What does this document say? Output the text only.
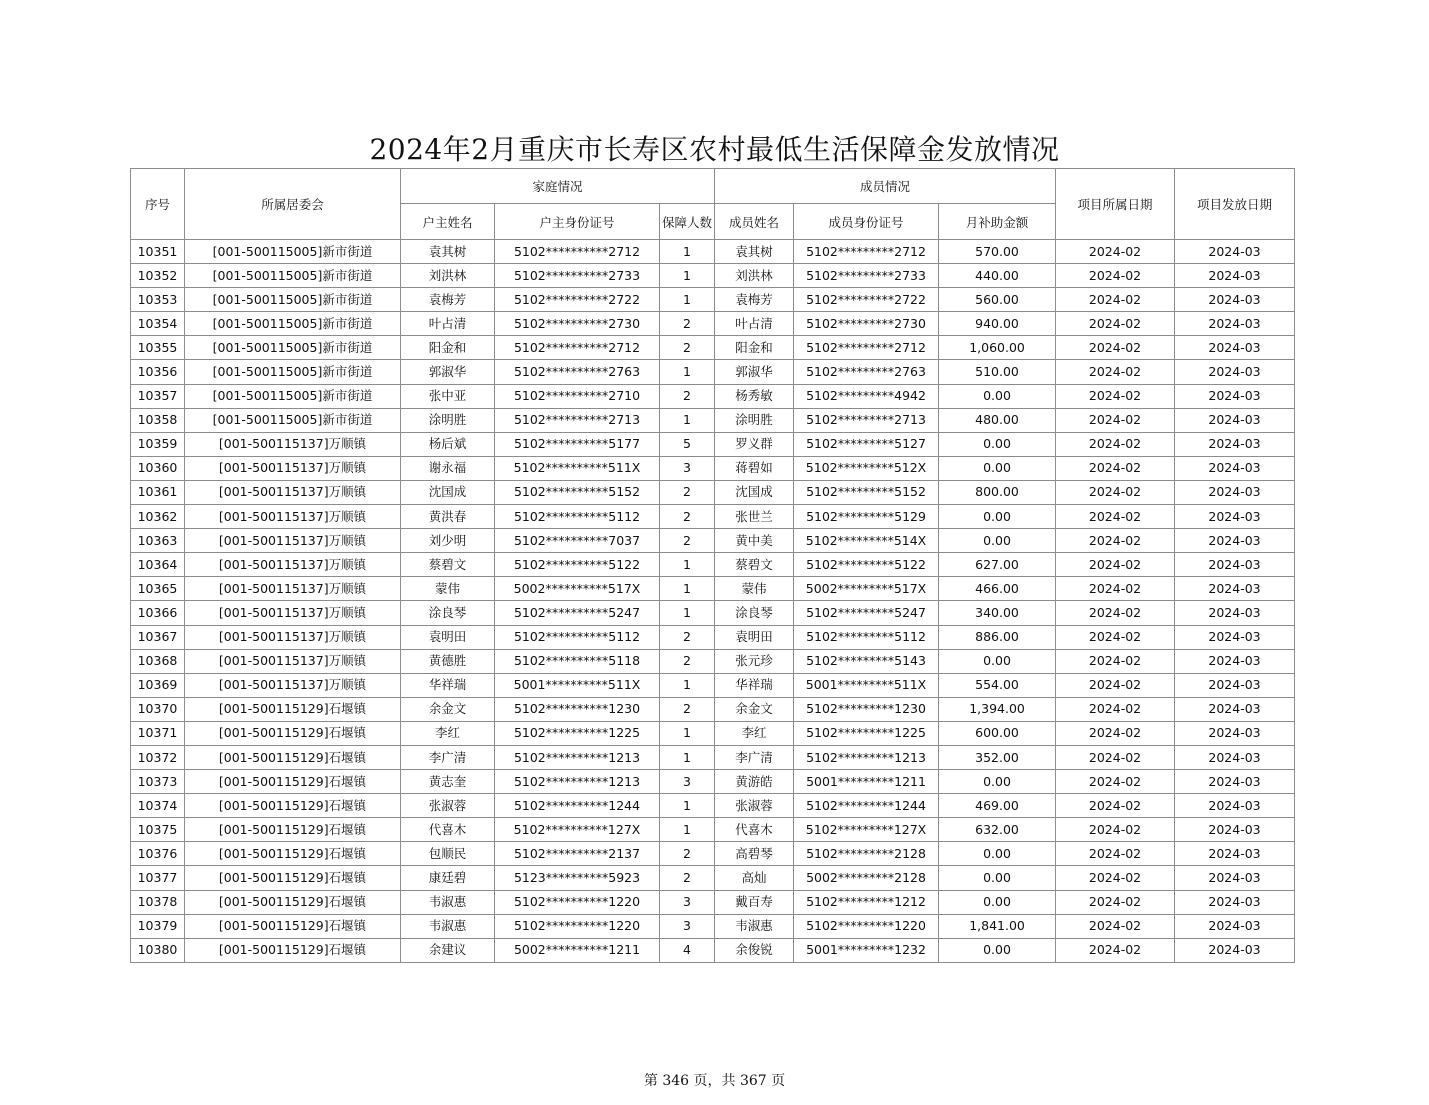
2024年2月重庆市长寿区农村最低生活保障金发放情况
序号	所属居委会	家庭情况			成员情况			项目所属日期	项目发放日期
		户主姓名	户主身份证号	保障人数	成员姓名	成员身份证号	月补助金额		
10351	[001-500115005]新市街道	袁其树	5102**********2712	1	袁其树	5102*********2712	570.00	2024-02	2024-03
10352	[001-500115005]新市街道	刘洪林	5102**********2733	1	刘洪林	5102*********2733	440.00	2024-02	2024-03
10353	[001-500115005]新市街道	袁梅芳	5102**********2722	1	袁梅芳	5102*********2722	560.00	2024-02	2024-03
10354	[001-500115005]新市街道	叶占清	5102**********2730	2	叶占清	5102*********2730	940.00	2024-02	2024-03
10355	[001-500115005]新市街道	阳金和	5102**********2712	2	阳金和	5102*********2712	1,060.00	2024-02	2024-03
10356	[001-500115005]新市街道	郭淑华	5102**********2763	1	郭淑华	5102*********2763	510.00	2024-02	2024-03
10357	[001-500115005]新市街道	张中亚	5102**********2710	2	杨秀敏	5102*********4942	0.00	2024-02	2024-03
10358	[001-500115005]新市街道	涂明胜	5102**********2713	1	涂明胜	5102*********2713	480.00	2024-02	2024-03
10359	[001-500115137]万顺镇	杨后斌	5102**********5177	5	罗义群	5102*********5127	0.00	2024-02	2024-03
10360	[001-500115137]万顺镇	谢永福	5102**********511X	3	蒋碧如	5102*********512X	0.00	2024-02	2024-03
10361	[001-500115137]万顺镇	沈国成	5102**********5152	2	沈国成	5102*********5152	800.00	2024-02	2024-03
10362	[001-500115137]万顺镇	黄洪春	5102**********5112	2	张世兰	5102*********5129	0.00	2024-02	2024-03
10363	[001-500115137]万顺镇	刘少明	5102**********7037	2	黄中美	5102*********514X	0.00	2024-02	2024-03
10364	[001-500115137]万顺镇	蔡碧文	5102**********5122	1	蔡碧文	5102*********5122	627.00	2024-02	2024-03
10365	[001-500115137]万顺镇	蒙伟	5002**********517X	1	蒙伟	5002*********517X	466.00	2024-02	2024-03
10366	[001-500115137]万顺镇	涂良琴	5102**********5247	1	涂良琴	5102*********5247	340.00	2024-02	2024-03
10367	[001-500115137]万顺镇	袁明田	5102**********5112	2	袁明田	5102*********5112	886.00	2024-02	2024-03
10368	[001-500115137]万顺镇	黄德胜	5102**********5118	2	张元珍	5102*********5143	0.00	2024-02	2024-03
10369	[001-500115137]万顺镇	华祥瑞	5001**********511X	1	华祥瑞	5001*********511X	554.00	2024-02	2024-03
10370	[001-500115129]石堰镇	余金文	5102**********1230	2	余金文	5102*********1230	1,394.00	2024-02	2024-03
10371	[001-500115129]石堰镇	李红	5102**********1225	1	李红	5102*********1225	600.00	2024-02	2024-03
10372	[001-500115129]石堰镇	李广清	5102**********1213	1	李广清	5102*********1213	352.00	2024-02	2024-03
10373	[001-500115129]石堰镇	黄志奎	5102**********1213	3	黄游皓	5001*********1211	0.00	2024-02	2024-03
10374	[001-500115129]石堰镇	张淑蓉	5102**********1244	1	张淑蓉	5102*********1244	469.00	2024-02	2024-03
10375	[001-500115129]石堰镇	代喜木	5102**********127X	1	代喜木	5102*********127X	632.00	2024-02	2024-03
10376	[001-500115129]石堰镇	包顺民	5102**********2137	2	高碧琴	5102*********2128	0.00	2024-02	2024-03
10377	[001-500115129]石堰镇	康廷碧	5123**********5923	2	高灿	5002*********2128	0.00	2024-02	2024-03
10378	[001-500115129]石堰镇	韦淑惠	5102**********1220	3	戴百寿	5102*********1212	0.00	2024-02	2024-03
10379	[001-500115129]石堰镇	韦淑惠	5102**********1220	3	韦淑惠	5102*********1220	1,841.00	2024-02	2024-03
10380	[001-500115129]石堰镇	余建议	5002**********1211	4	余俊锐	5001*********1232	0.00	2024-02	2024-03
第 346 页，共 367 页
